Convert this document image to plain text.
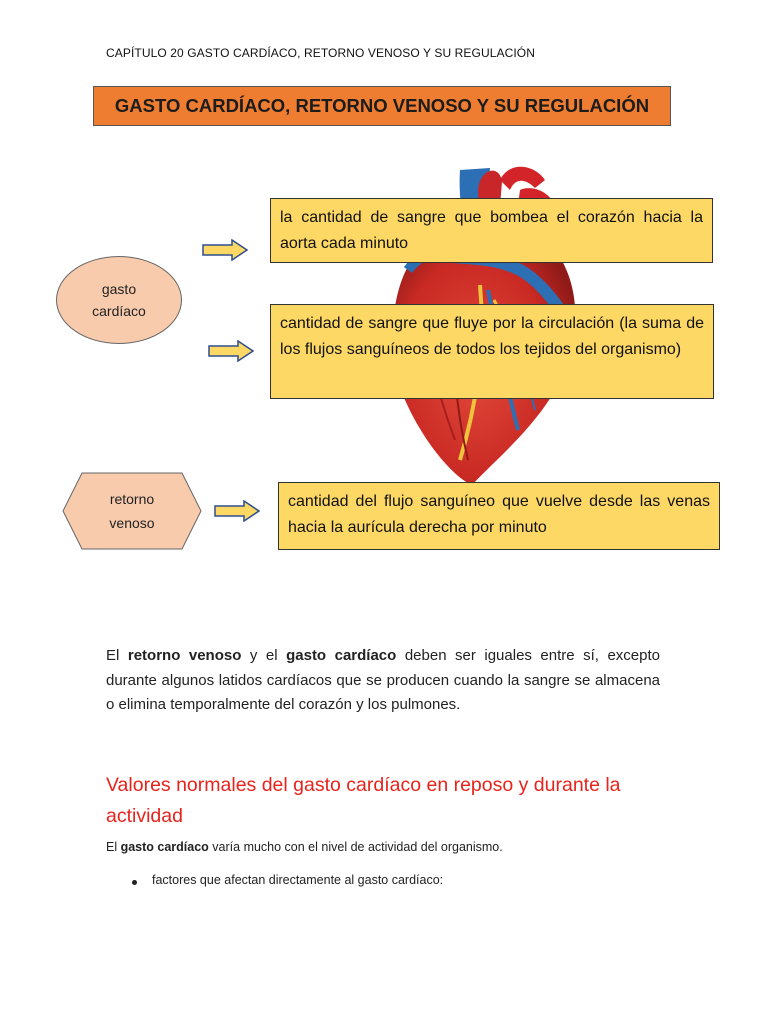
CAPÍTULO 20 GASTO CARDÍACO, RETORNO VENOSO Y SU REGULACIÓN
GASTO CARDÍACO, RETORNO VENOSO Y SU REGULACIÓN
la cantidad de sangre que bombea el corazón hacia la aorta cada minuto
cantidad de sangre que fluye por la circulación (la suma de los flujos sanguíneos de todos los tejidos del organismo)
cantidad del flujo sanguíneo que vuelve desde las venas hacia la aurícula derecha por minuto
gasto
cardíaco
retorno
venoso
El retorno venoso y el gasto cardíaco deben ser iguales entre sí, excepto durante algunos latidos cardíacos que se producen cuando la sangre se almacena o elimina temporalmente del corazón y los pulmones.
Valores normales del gasto cardíaco en reposo y durante la actividad
El gasto cardíaco varía mucho con el nivel de actividad del organismo.
factores que afectan directamente al gasto cardíaco:
